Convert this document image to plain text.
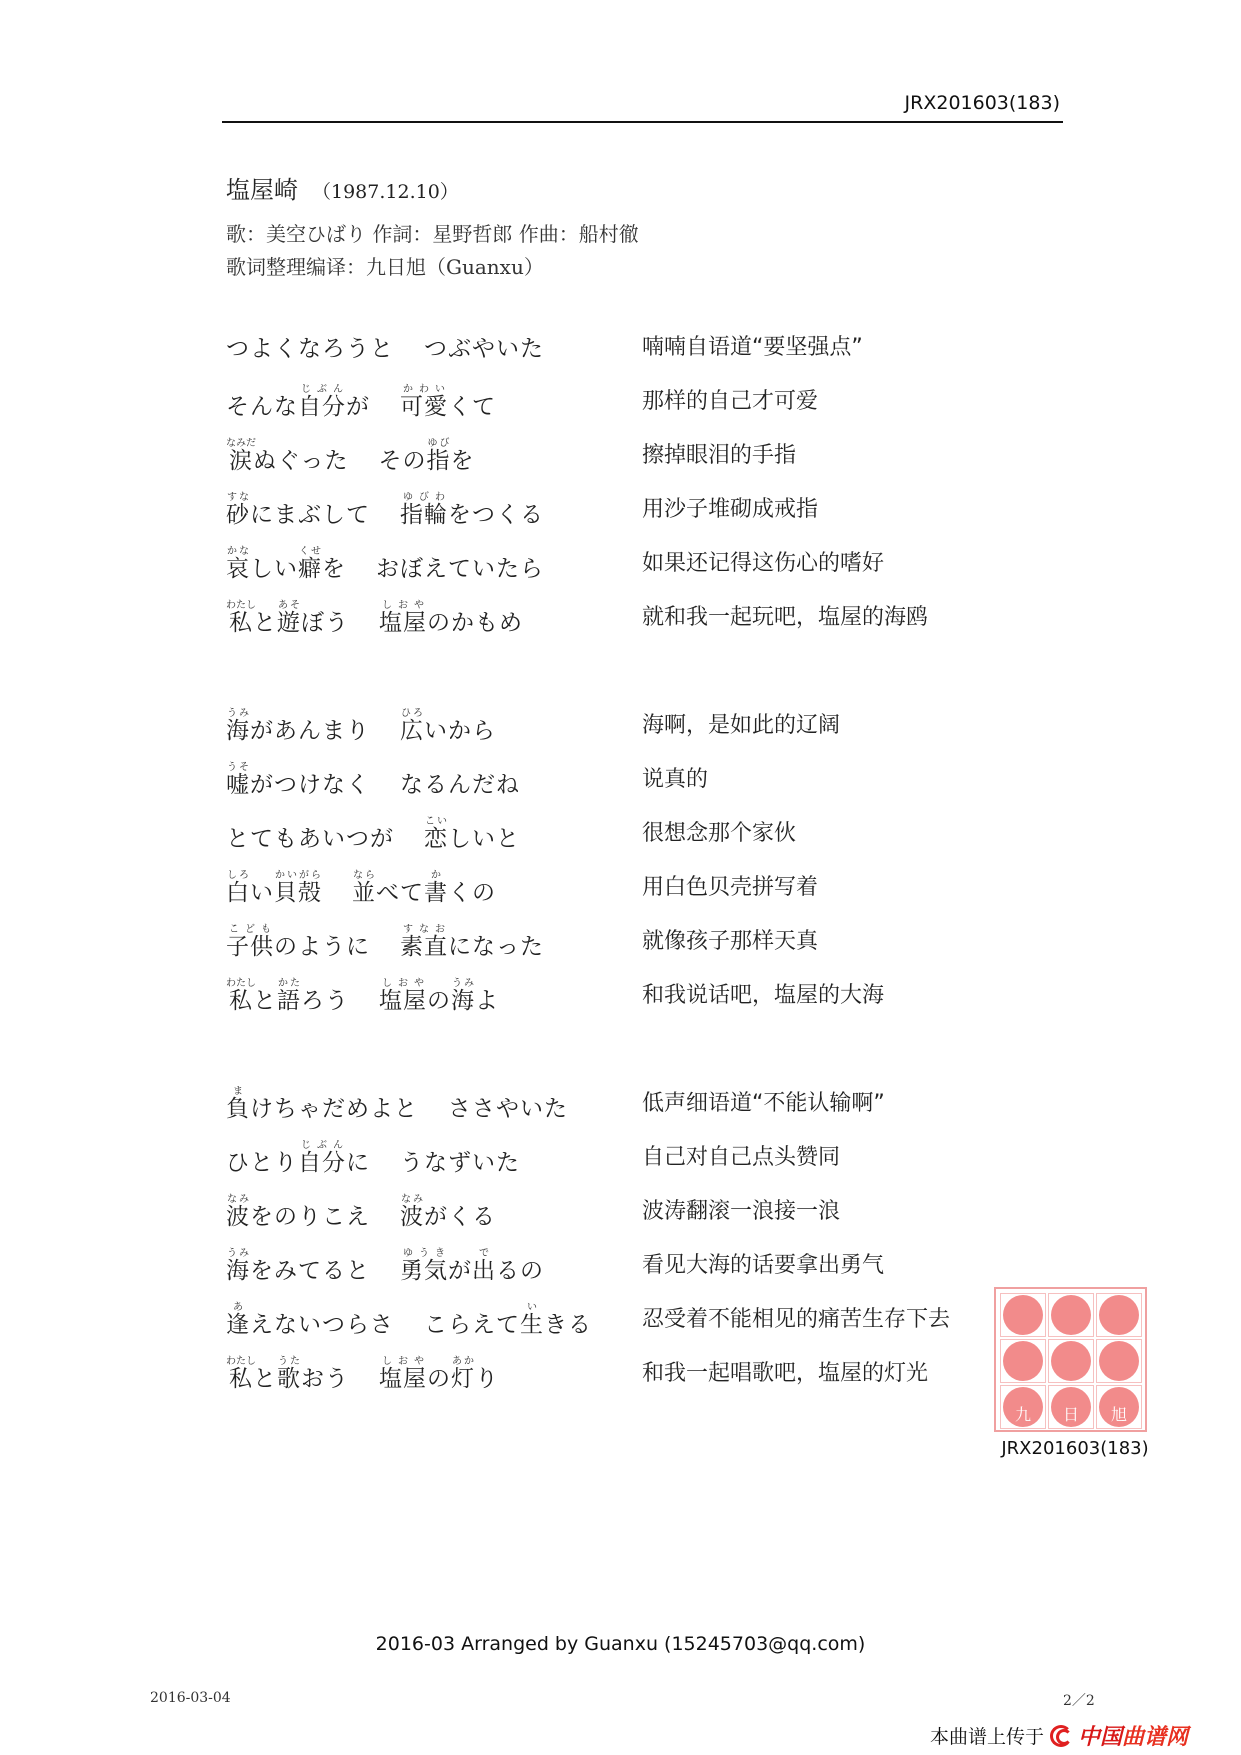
JRX201603(183)
塩屋崎 （1987.12.10）
歌：美空ひばり 作詞：星野哲郎 作曲：船村徹
歌词整理编译：九日旭（Guanxu）
つよくなろうと つぶやいた	喃喃自语道“要坚强点”
そんな自分じぶんが 可愛かわいくて	那样的自己才可爱
涙なみだぬぐった その指ゆびを	擦掉眼泪的手指
砂すなにまぶして 指輪ゆびわをつくる	用沙子堆砌成戒指
哀かなしい癖くせを おぼえていたら	如果还记得这伤心的嗜好
私わたしと遊あそぼう 塩屋しおやのかもめ	就和我一起玩吧，塩屋的海鸥
海うみがあんまり 広ひろいから	海啊，是如此的辽阔
嘘うそがつけなく なるんだね	说真的
とてもあいつが 恋こいしいと	很想念那个家伙
白しろい貝殻かいがら並ならべて書かくの	用白色贝壳拼写着
子供こどものように 素直すなおになった	就像孩子那样天真
私わたしと語かたろう 塩屋しおやの海うみよ	和我说话吧，塩屋的大海
負まけちゃだめよと ささやいた	低声细语道“不能认输啊”
ひとり自分じぶんに うなずいた	自己对自己点头赞同
波なみをのりこえ 波なみがくる	波涛翻滚一浪接一浪
海うみをみてると 勇気ゆうきが出でるの	看见大海的话要拿出勇气
逢あえないつらさ こらえて生いきる 忍受着不能相见的痛苦生存下去
私わたしと歌うたおう 塩屋しおやの灯あかり	和我一起唱歌吧，塩屋的灯光
九	日	旭
JRX201603(183)
2016-03 Arranged by Guanxu (15245703@qq.com)
2016-03-04	2／2
本曲谱上传于 中国 曲谱网
